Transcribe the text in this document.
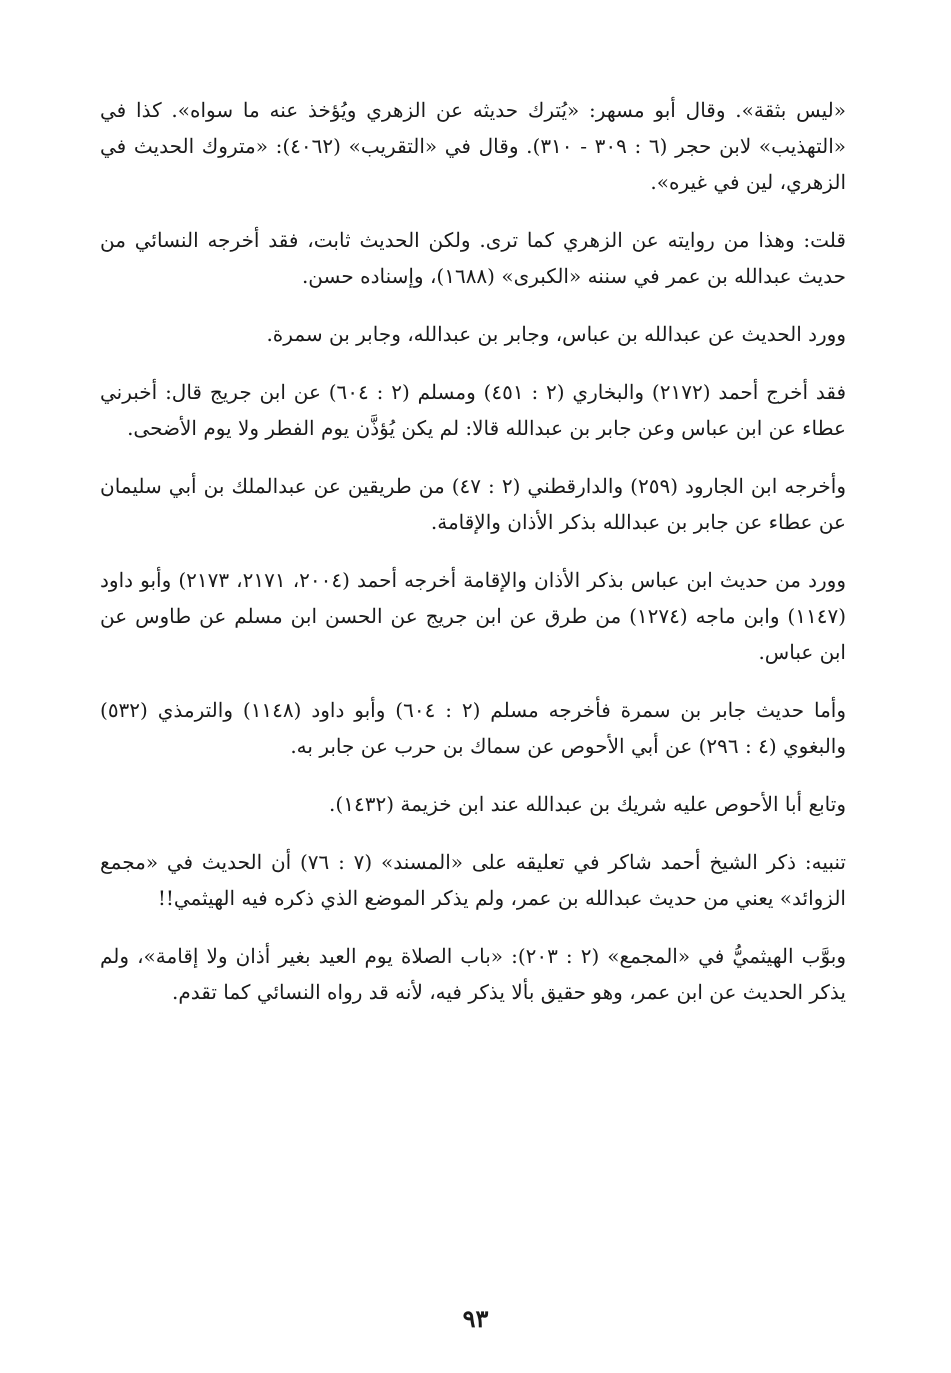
«ليس بثقة». وقال أبو مسهر: «يُترك حديثه عن الزهري ويُؤخذ عنه ما سواه». كذا في «التهذيب» لابن حجر (٦ : ٣٠٩ - ٣١٠). وقال في «التقريب» (٤٠٦٢): «متروك الحديث في الزهري، لين في غيره».

قلت: وهذا من روايته عن الزهري كما ترى. ولكن الحديث ثابت، فقد أخرجه النسائي من حديث عبدالله بن عمر في سننه «الكبرى» (١٦٨٨)، وإسناده حسن.

وورد الحديث عن عبدالله بن عباس، وجابر بن عبدالله، وجابر بن سمرة.

فقد أخرج أحمد (٢١٧٢) والبخاري (٢ : ٤٥١) ومسلم (٢ : ٦٠٤) عن ابن جريج قال: أخبرني عطاء عن ابن عباس وعن جابر بن عبدالله قالا: لم يكن يُؤذَّن يوم الفطر ولا يوم الأضحى.

وأخرجه ابن الجارود (٢٥٩) والدارقطني (٢ : ٤٧) من طريقين عن عبدالملك بن أبي سليمان عن عطاء عن جابر بن عبدالله بذكر الأذان والإقامة.

وورد من حديث ابن عباس بذكر الأذان والإقامة أخرجه أحمد (٢٠٠٤، ٢١٧١، ٢١٧٣) وأبو داود (١١٤٧) وابن ماجه (١٢٧٤) من طرق عن ابن جريج عن الحسن ابن مسلم عن طاوس عن ابن عباس.

وأما حديث جابر بن سمرة فأخرجه مسلم (٢ : ٦٠٤) وأبو داود (١١٤٨) والترمذي (٥٣٢) والبغوي (٤ : ٢٩٦) عن أبي الأحوص عن سماك بن حرب عن جابر به.

وتابع أبا الأحوص عليه شريك بن عبدالله عند ابن خزيمة (١٤٣٢).

تنبيه: ذكر الشيخ أحمد شاكر في تعليقه على «المسند» (٧ : ٧٦) أن الحديث في «مجمع الزوائد» يعني من حديث عبدالله بن عمر، ولم يذكر الموضع الذي ذكره فيه الهيثمي!!

وبوَّب الهيثميُّ في «المجمع» (٢ : ٢٠٣): «باب الصلاة يوم العيد بغير أذان ولا إقامة»، ولم يذكر الحديث عن ابن عمر، وهو حقيق بألا يذكر فيه، لأنه قد رواه النسائي كما تقدم.

٩٣
